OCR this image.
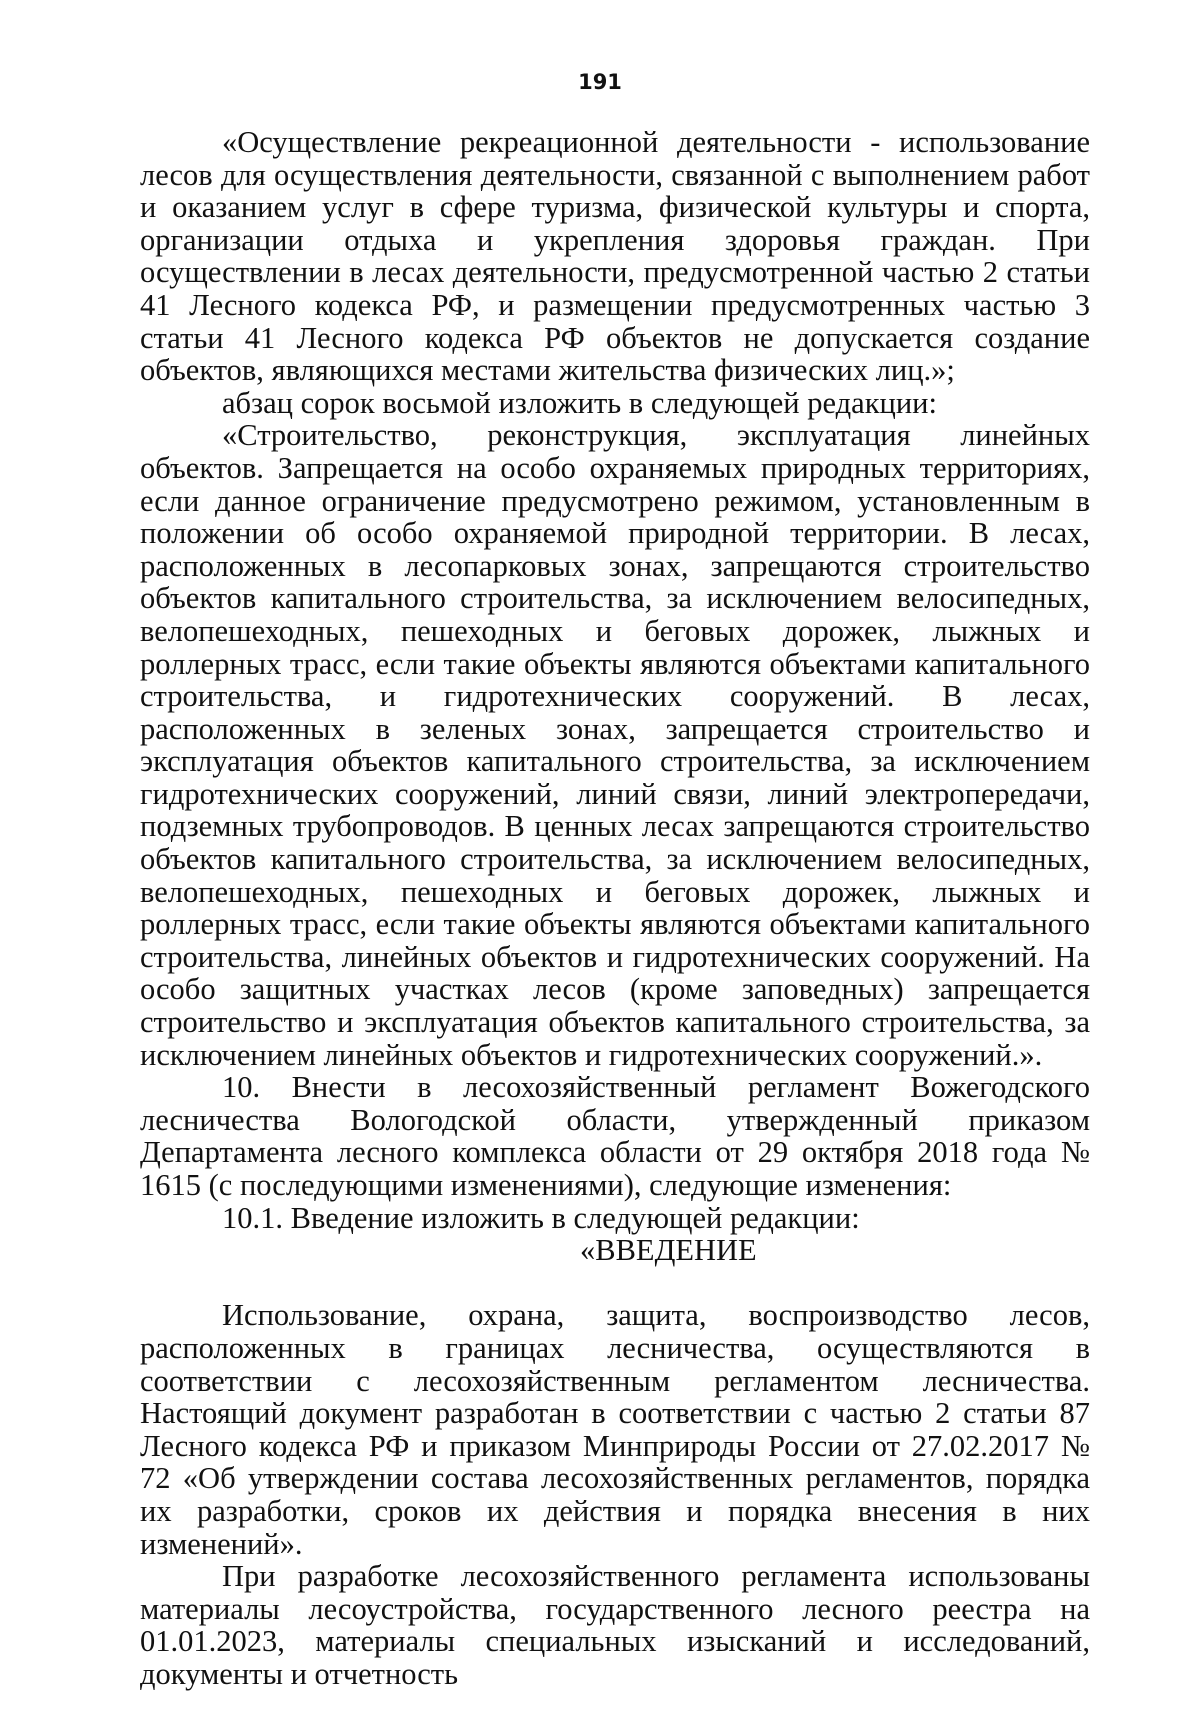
191

«Осуществление рекреационной деятельности - использование лесов для осуществления деятельности, связанной с выполнением работ и оказанием услуг в сфере туризма, физической культуры и спорта, организации отдыха и укрепления здоровья граждан. При осуществлении в лесах деятельности, предусмотренной частью 2 статьи 41 Лесного кодекса РФ, и размещении предусмотренных частью 3 статьи 41 Лесного кодекса РФ объектов не допускается создание объектов, являющихся местами жительства физических лиц.»;

абзац сорок восьмой изложить в следующей редакции:

«Строительство, реконструкция, эксплуатация линейных объектов. Запрещается на особо охраняемых природных территориях, если данное ограничение предусмотрено режимом, установленным в положении об особо охраняемой природной территории. В лесах, расположенных в лесопарковых зонах, запрещаются строительство объектов капитального строительства, за исключением велосипедных, велопешеходных, пешеходных и беговых дорожек, лыжных и роллерных трасс, если такие объекты являются объектами капитального строительства, и гидротехнических сооружений. В лесах, расположенных в зеленых зонах, запрещается строительство и эксплуатация объектов капитального строительства, за исключением гидротехнических сооружений, линий связи, линий электропередачи, подземных трубопроводов. В ценных лесах запрещаются строительство объектов капитального строительства, за исключением велосипедных, велопешеходных, пешеходных и беговых дорожек, лыжных и роллерных трасс, если такие объекты являются объектами капитального строительства, линейных объектов и гидротехнических сооружений. На особо защитных участках лесов (кроме заповедных) запрещается строительство и эксплуатация объектов капитального строительства, за исключением линейных объектов и гидротехнических сооружений.».

10. Внести в лесохозяйственный регламент Вожегодского лесничества Вологодской области, утвержденный приказом Департамента лесного комплекса области от 29 октября 2018 года № 1615 (с последующими изменениями), следующие изменения:

10.1. Введение изложить в следующей редакции:

«ВВЕДЕНИЕ

Использование, охрана, защита, воспроизводство лесов, расположенных в границах лесничества, осуществляются в соответствии с лесохозяйственным регламентом лесничества. Настоящий документ разработан в соответствии с частью 2 статьи 87 Лесного кодекса РФ и приказом Минприроды России от 27.02.2017 № 72 «Об утверждении состава лесохозяйственных регламентов, порядка их разработки, сроков их действия и порядка внесения в них изменений».

При разработке лесохозяйственного регламента использованы материалы лесоустройства, государственного лесного реестра на 01.01.2023, материалы специальных изысканий и исследований, документы и отчетность
